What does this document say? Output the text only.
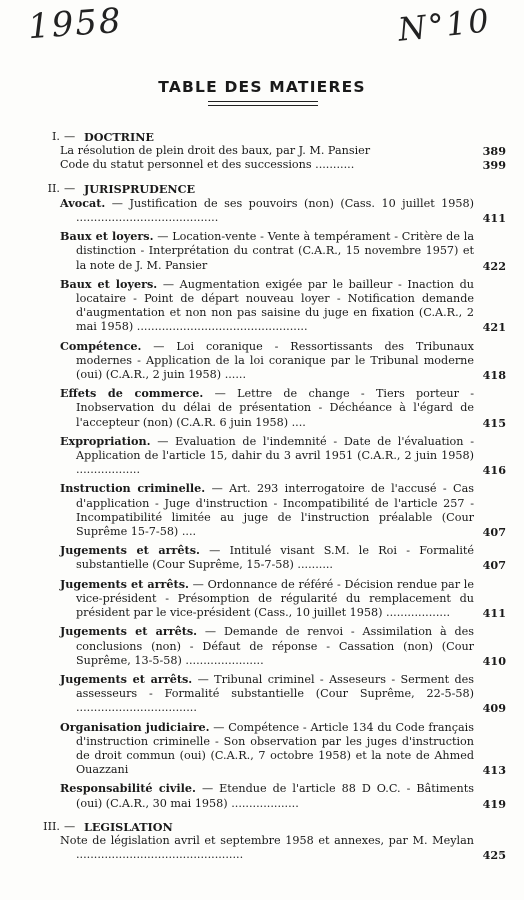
1958	N°10
TABLE DES MATIERES
I. — DOCTRINE
La résolution de plein droit des baux, par J. M. Pansier	389
Code du statut personnel et des successions ...........	399
II. — JURISPRUDENCE
Avocat. — Justification de ses pouvoirs (non) (Cass. 10 juillet 1958) ........................................	411
Baux et loyers. — Location-vente - Vente à tempérament - Critère de la distinction - Interprétation du contrat (C.A.R., 15 novembre 1957) et la note de J. M. Pansier	422
Baux et loyers. — Augmentation exigée par le bailleur - Inaction du locataire - Point de départ nouveau loyer - Notification demande d'augmentation et non non pas saisine du juge en fixation (C.A.R., 2 mai 1958) ................................................	421
Compétence. — Loi coranique - Ressortissants des Tribunaux modernes - Application de la loi coranique par le Tribunal moderne (oui) (C.A.R., 2 juin 1958) ......	418
Effets de commerce. — Lettre de change - Tiers porteur - Inobservation du délai de présentation - Déchéance à l'égard de l'accepteur (non) (C.A.R. 6 juin 1958) ....	415
Expropriation. — Evaluation de l'indemnité - Date de l'évaluation - Application de l'article 15, dahir du 3 avril 1951 (C.A.R., 2 juin 1958) ..................	416
Instruction criminelle. — Art. 293 interrogatoire de l'accusé - Cas d'application - Juge d'instruction - Incompatibilité de l'article 257 - Incompatibilité limitée au juge de l'instruction préalable (Cour Suprême 15-7-58) ....	407
Jugements et arrêts. — Intitulé visant S.M. le Roi - Formalité substantielle (Cour Suprême, 15-7-58) ..........	407
Jugements et arrêts. — Ordonnance de référé - Décision rendue par le vice-président - Présomption de régularité du remplacement du président par le vice-président (Cass., 10 juillet 1958) ..................	411
Jugements et arrêts. — Demande de renvoi - Assimilation à des conclusions (non) - Défaut de réponse - Cassation (non) (Cour Suprême, 13-5-58) ......................	410
Jugements et arrêts. — Tribunal criminel - Asseseurs - Serment des assesseurs - Formalité substantielle (Cour Suprême, 22-5-58) ..................................	409
Organisation judiciaire. — Compétence - Article 134 du Code français d'instruction criminelle - Son observation par les juges d'instruction de droit commun (oui) (C.A.R., 7 octobre 1958) et la note de Ahmed Ouazzani	413
Responsabilité civile. — Etendue de l'article 88 D O.C. - Bâtiments (oui) (C.A.R., 30 mai 1958) ...................	419
III. — LEGISLATION
Note de législation avril et septembre 1958 et annexes, par M. Meylan ...............................................	425
